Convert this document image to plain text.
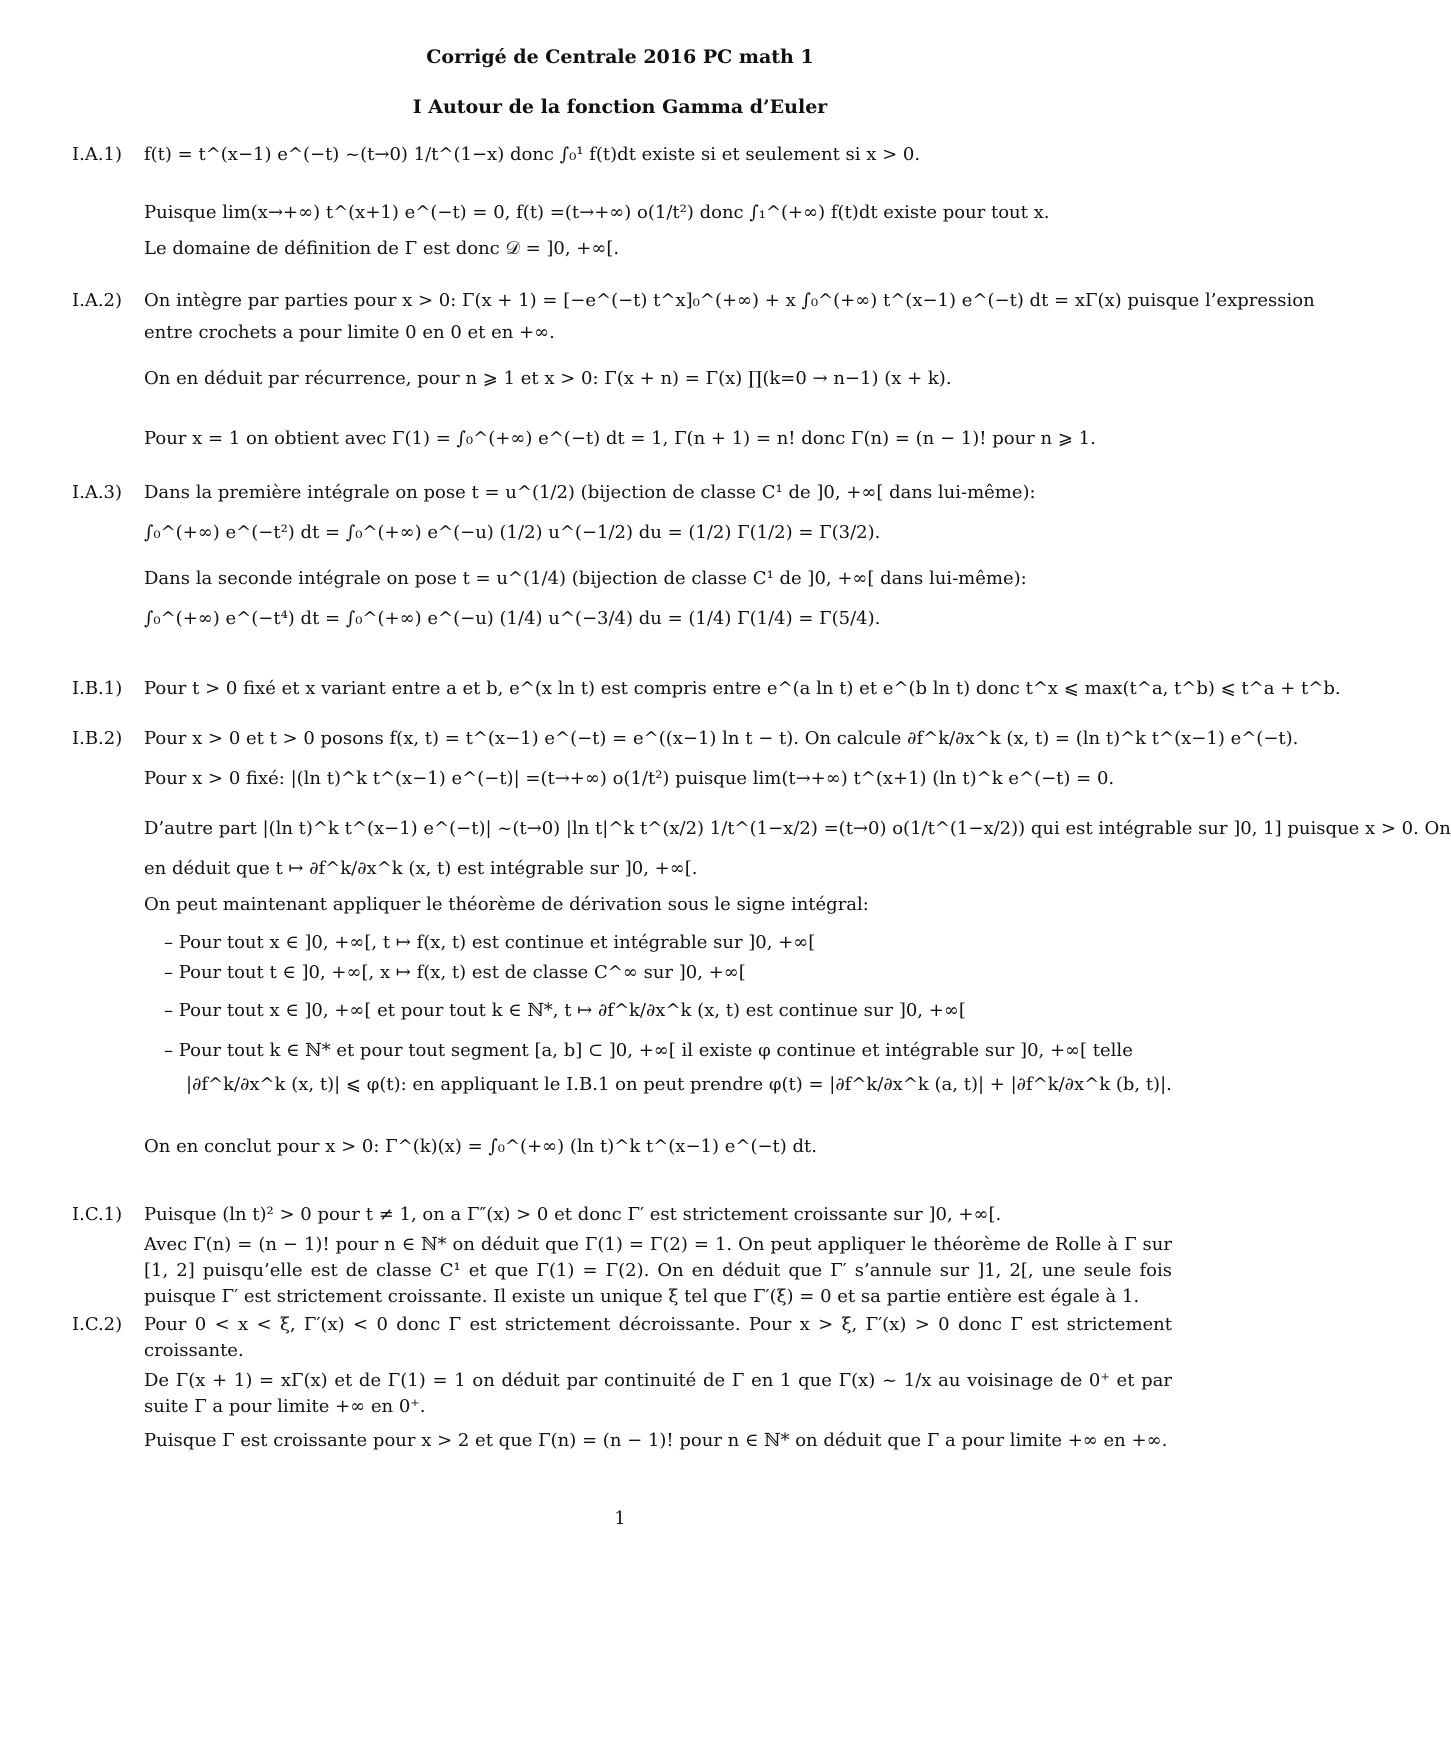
Corrigé de Centrale 2016 PC math 1
I Autour de la fonction Gamma d’Euler
I.A.1)	f(t) = t^(x−1) e^(−t) ~(t→0) 1/t^(1−x) donc ∫₀¹ f(t)dt existe si et seulement si x > 0.
Puisque lim(x→+∞) t^(x+1) e^(−t) = 0, f(t) =(t→+∞) o(1/t²) donc ∫₁^(+∞) f(t)dt existe pour tout x.
Le domaine de définition de Γ est donc 𝒟 = ]0, +∞[.
I.A.2)	On intègre par parties pour x > 0: Γ(x + 1) = [−e^(−t) t^x]₀^(+∞) + x ∫₀^(+∞) t^(x−1) e^(−t) dt = xΓ(x) puisque l’expression
entre crochets a pour limite 0 en 0 et en +∞.
On en déduit par récurrence, pour n ⩾ 1 et x > 0: Γ(x + n) = Γ(x) ∏(k=0 → n−1) (x + k).
Pour x = 1 on obtient avec Γ(1) = ∫₀^(+∞) e^(−t) dt = 1, Γ(n + 1) = n! donc Γ(n) = (n − 1)! pour n ⩾ 1.
I.A.3)	Dans la première intégrale on pose t = u^(1/2) (bijection de classe C¹ de ]0, +∞[ dans lui-même):
∫₀^(+∞) e^(−t²) dt = ∫₀^(+∞) e^(−u) (1/2) u^(−1/2) du = (1/2) Γ(1/2) = Γ(3/2).
Dans la seconde intégrale on pose t = u^(1/4) (bijection de classe C¹ de ]0, +∞[ dans lui-même):
∫₀^(+∞) e^(−t⁴) dt = ∫₀^(+∞) e^(−u) (1/4) u^(−3/4) du = (1/4) Γ(1/4) = Γ(5/4).
I.B.1)	Pour t > 0 fixé et x variant entre a et b, e^(x ln t) est compris entre e^(a ln t) et e^(b ln t) donc t^x ⩽ max(t^a, t^b) ⩽ t^a + t^b.
I.B.2)	Pour x > 0 et t > 0 posons f(x, t) = t^(x−1) e^(−t) = e^((x−1) ln t − t). On calcule ∂f^k/∂x^k (x, t) = (ln t)^k t^(x−1) e^(−t).
Pour x > 0 fixé: |(ln t)^k t^(x−1) e^(−t)| =(t→+∞) o(1/t²) puisque lim(t→+∞) t^(x+1) (ln t)^k e^(−t) = 0.
D’autre part |(ln t)^k t^(x−1) e^(−t)| ~(t→0) |ln t|^k t^(x/2) 1/t^(1−x/2) =(t→0) o(1/t^(1−x/2)) qui est intégrable sur ]0, 1] puisque x > 0. On
en déduit que t ↦ ∂f^k/∂x^k (x, t) est intégrable sur ]0, +∞[.
On peut maintenant appliquer le théorème de dérivation sous le signe intégral:
– Pour tout x ∈ ]0, +∞[, t ↦ f(x, t) est continue et intégrable sur ]0, +∞[
– Pour tout t ∈ ]0, +∞[, x ↦ f(x, t) est de classe C^∞ sur ]0, +∞[
– Pour tout x ∈ ]0, +∞[ et pour tout k ∈ ℕ*, t ↦ ∂f^k/∂x^k (x, t) est continue sur ]0, +∞[
– Pour tout k ∈ ℕ* et pour tout segment [a, b] ⊂ ]0, +∞[ il existe φ continue et intégrable sur ]0, +∞[ telle
|∂f^k/∂x^k (x, t)| ⩽ φ(t): en appliquant le I.B.1 on peut prendre φ(t) = |∂f^k/∂x^k (a, t)| + |∂f^k/∂x^k (b, t)|.
On en conclut pour x > 0: Γ^(k)(x) = ∫₀^(+∞) (ln t)^k t^(x−1) e^(−t) dt.
I.C.1)	Puisque (ln t)² > 0 pour t ≠ 1, on a Γ″(x) > 0 et donc Γ′ est strictement croissante sur ]0, +∞[.
Avec Γ(n) = (n − 1)! pour n ∈ ℕ* on déduit que Γ(1) = Γ(2) = 1. On peut appliquer le théorème de Rolle à Γ sur [1, 2] puisqu’elle est de classe C¹ et que Γ(1) = Γ(2). On en déduit que Γ′ s’annule sur ]1, 2[, une seule fois puisque Γ′ est strictement croissante. Il existe un unique ξ tel que Γ′(ξ) = 0 et sa partie entière est égale à 1.
I.C.2)	Pour 0 < x < ξ, Γ′(x) < 0 donc Γ est strictement décroissante. Pour x > ξ, Γ′(x) > 0 donc Γ est strictement croissante.
De Γ(x + 1) = xΓ(x) et de Γ(1) = 1 on déduit par continuité de Γ en 1 que Γ(x) ~ 1/x au voisinage de 0⁺ et par suite Γ a pour limite +∞ en 0⁺.
Puisque Γ est croissante pour x > 2 et que Γ(n) = (n − 1)! pour n ∈ ℕ* on déduit que Γ a pour limite +∞ en +∞.
1
